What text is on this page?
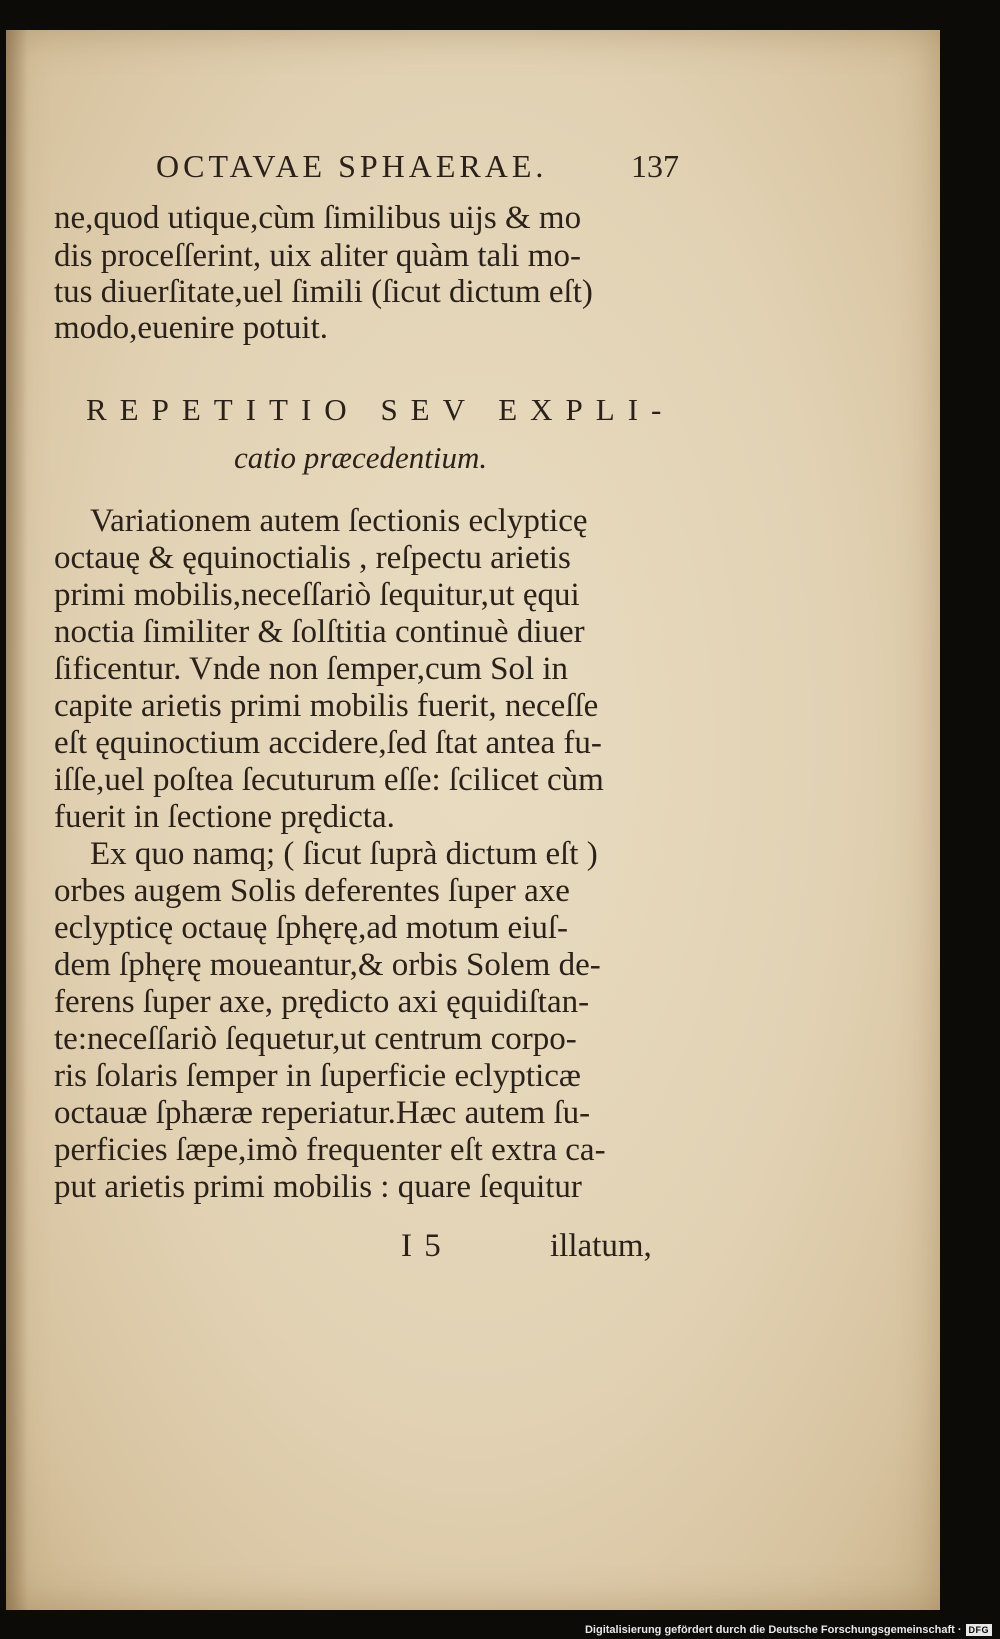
OCTAVAE SPHAERAE.	137
ne,quod utique,cùm ſimilibus uijs & mo
dis proceſſerint, uix aliter quàm tali mo-
tus diuerſitate,uel ſimili (ſicut dictum eſt)
modo,euenire potuit.
REPETITIO SEV EXPLI-
catio præcedentium.
Variationem autem ſectionis eclypticę
octauę & ęquinoctialis , reſpectu arietis
primi mobilis,neceſſariò ſequitur,ut ęqui
noctia ſimiliter & ſolſtitia continuè diuer
ſificentur. Vnde non ſemper,cum Sol in
capite arietis primi mobilis fuerit, neceſſe
eſt ęquinoctium accidere,ſed ſtat antea fu-
iſſe,uel poſtea ſecuturum eſſe: ſcilicet cùm
fuerit in ſectione prędicta.
Ex quo namq; ( ſicut ſuprà dictum eſt )
orbes augem Solis deferentes ſuper axe
eclypticę octauę ſphęrę,ad motum eiuſ-
dem ſphęrę moueantur,& orbis Solem de-
ferens ſuper axe, prędicto axi ęquidiſtan-
te:neceſſariò ſequetur,ut centrum corpo-
ris ſolaris ſemper in ſuperficie eclypticæ
octauæ ſphæræ reperiatur.Hæc autem ſu-
perficies ſæpe,imò frequenter eſt extra ca-
put arietis primi mobilis : quare ſequitur
I 5	illatum,
Digitalisierung gefördert durch die Deutsche Forschungsgemeinschaft · DFG
